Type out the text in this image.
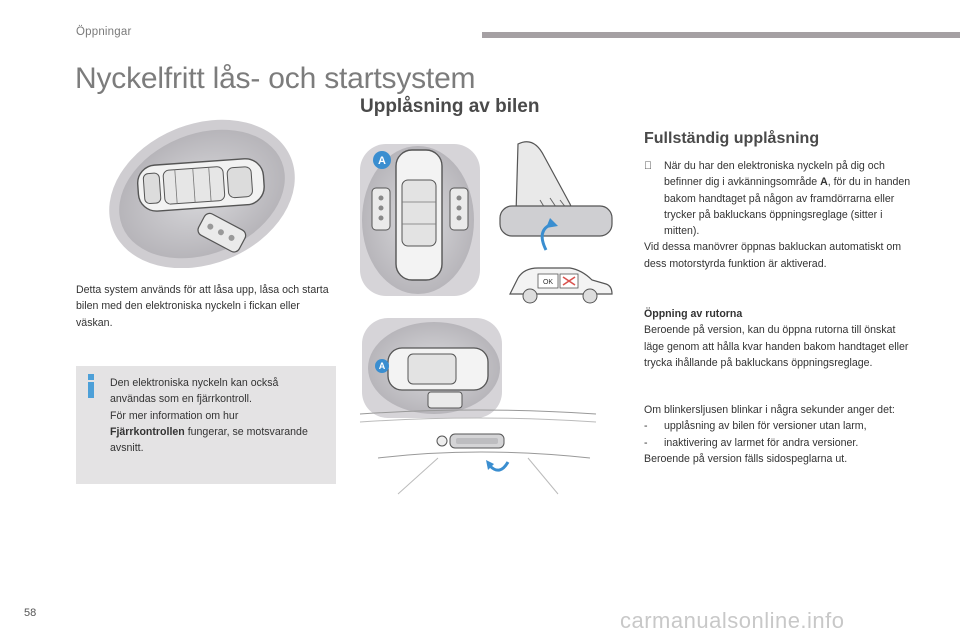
Öppningar
Nyckelfritt lås- och startsystem
Upplåsning av bilen
Detta system används för att låsa upp, låsa och starta bilen med den elektroniska nyckeln i fickan eller väskan.
Den elektroniska nyckeln kan också användas som en fjärrkontroll.
För mer information om hur
Fjärrkontrollen fungerar, se motsvarande avsnitt.
A
OK
A
Fullständig upplåsning
När du har den elektroniska nyckeln på dig och befinner dig i avkänningsområde A, för du in handen bakom handtaget på någon av framdörrarna eller trycker på bakluckans öppningsreglage (sitter i mitten).
Vid dessa manövrer öppnas bakluckan automatiskt om dess motorstyrda funktion är aktiverad.
Öppning av rutorna
Beroende på version, kan du öppna rutorna till önskat läge genom att hålla kvar handen bakom handtaget eller trycka ihållande på bakluckans öppningsreglage.
Om blinkersljusen blinkar i några sekunder anger det:
- upplåsning av bilen för versioner utan larm,
- inaktivering av larmet för andra versioner.
Beroende på version fälls sidospeglarna ut.
58	carmanualsonline.info
